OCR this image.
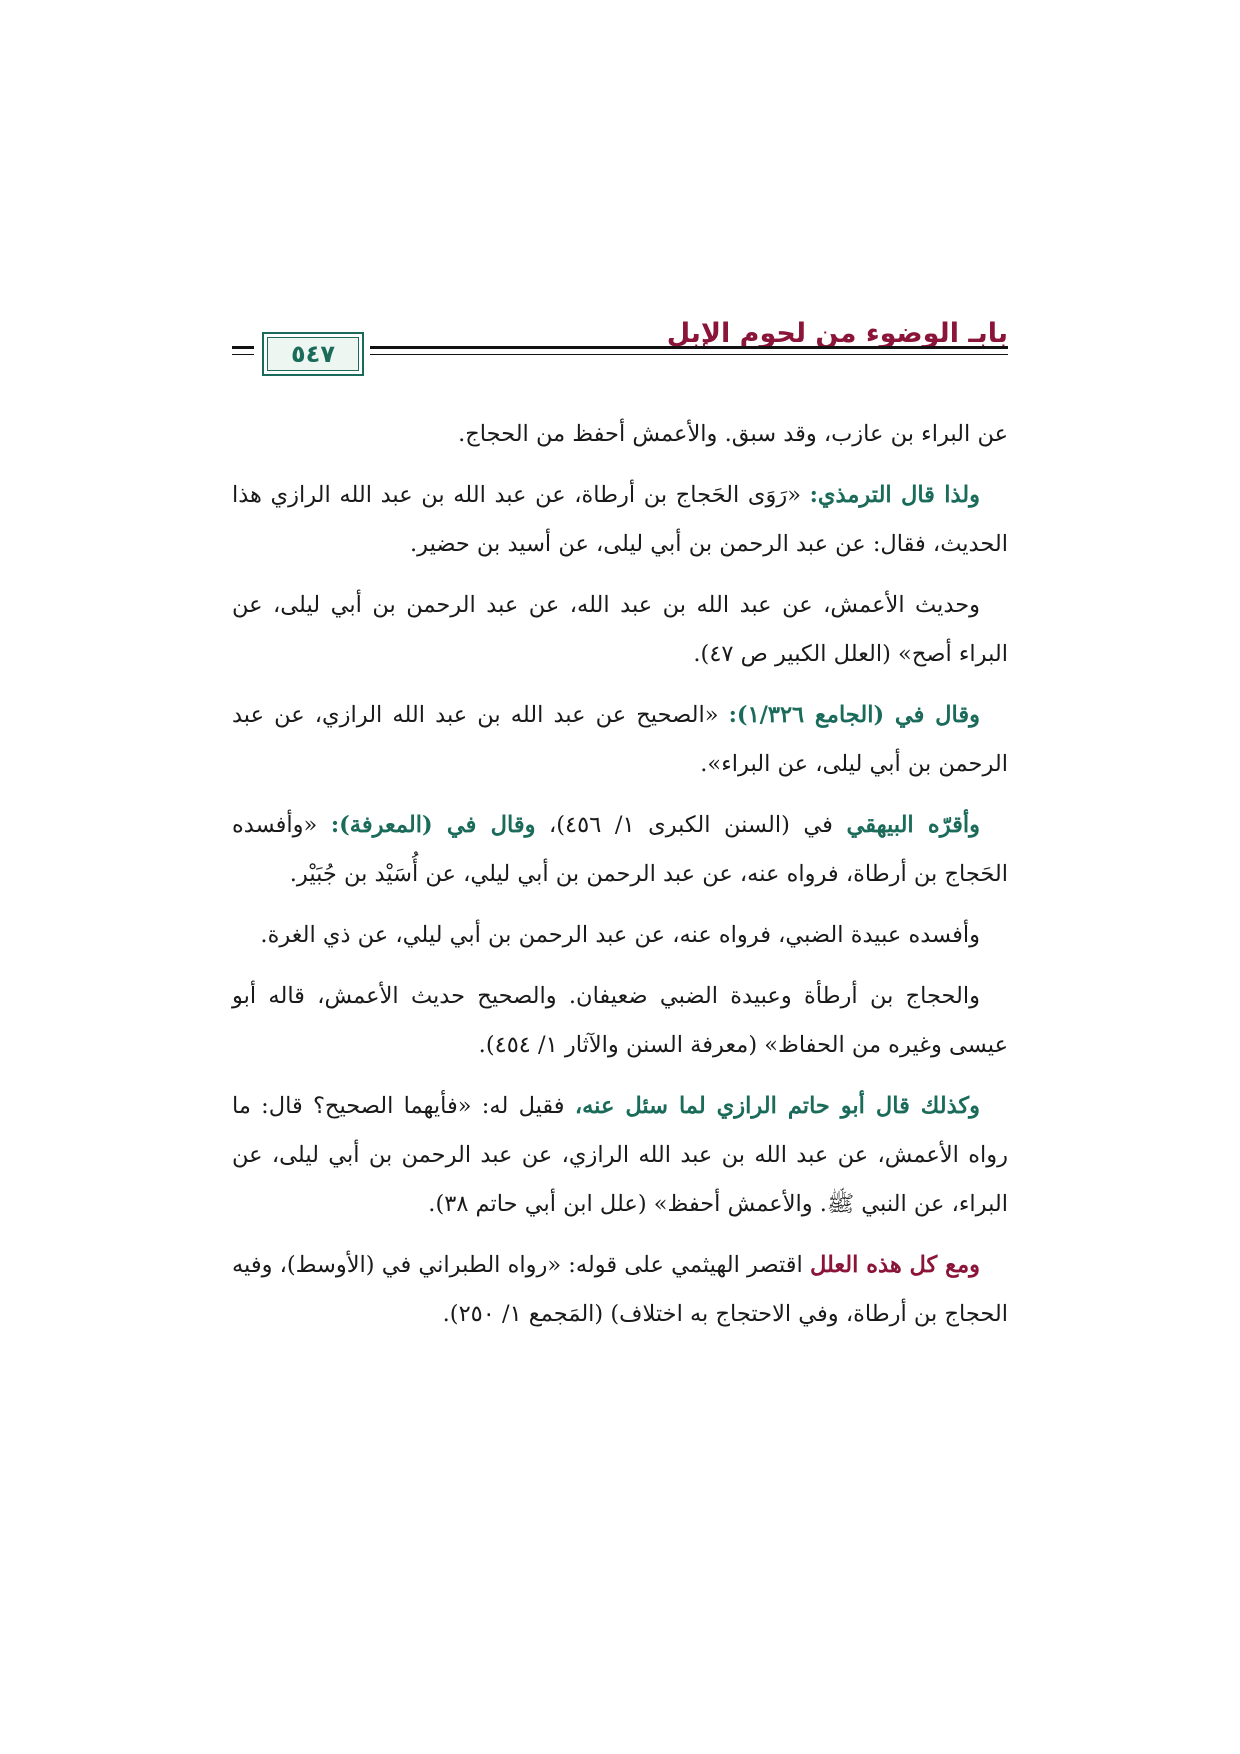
بابـ الوضوء من لحوم الإبل
٥٤٧

عن البراء بن عازب، وقد سبق. والأعمش أحفظ من الحجاج.

ولذا قال الترمذي: «رَوَى الحَجاج بن أرطاة، عن عبد الله بن عبد الله الرازي هذا الحديث، فقال: عن عبد الرحمن بن أبي ليلى، عن أسيد بن حضير.

وحديث الأعمش، عن عبد الله بن عبد الله، عن عبد الرحمن بن أبي ليلى، عن البراء أصح» (العلل الكبير ص ٤٧).

وقال في (الجامع ١/٣٢٦): «الصحيح عن عبد الله بن عبد الله الرازي، عن عبد الرحمن بن أبي ليلى، عن البراء».

وأقرّه البيهقي في (السنن الكبرى ١/ ٤٥٦)، وقال في (المعرفة): «وأفسده الحَجاج بن أرطاة، فرواه عنه، عن عبد الرحمن بن أبي ليلي، عن أُسَيْد بن جُبَيْر.

وأفسده عبيدة الضبي، فرواه عنه، عن عبد الرحمن بن أبي ليلي، عن ذي الغرة.

والحجاج بن أرطأة وعبيدة الضبي ضعيفان. والصحيح حديث الأعمش، قاله أبو عيسى وغيره من الحفاظ» (معرفة السنن والآثار ١/ ٤٥٤).

وكذلك قال أبو حاتم الرازي لما سئل عنه، فقيل له: «فأيهما الصحيح؟ قال: ما رواه الأعمش، عن عبد الله بن عبد الله الرازي، عن عبد الرحمن بن أبي ليلى، عن البراء، عن النبي ﷺ. والأعمش أحفظ» (علل ابن أبي حاتم ٣٨).

ومع كل هذه العلل اقتصر الهيثمي على قوله: «رواه الطبراني في (الأوسط)، وفيه الحجاج بن أرطاة، وفي الاحتجاج به اختلاف) (المَجمع ١/ ٢٥٠).
